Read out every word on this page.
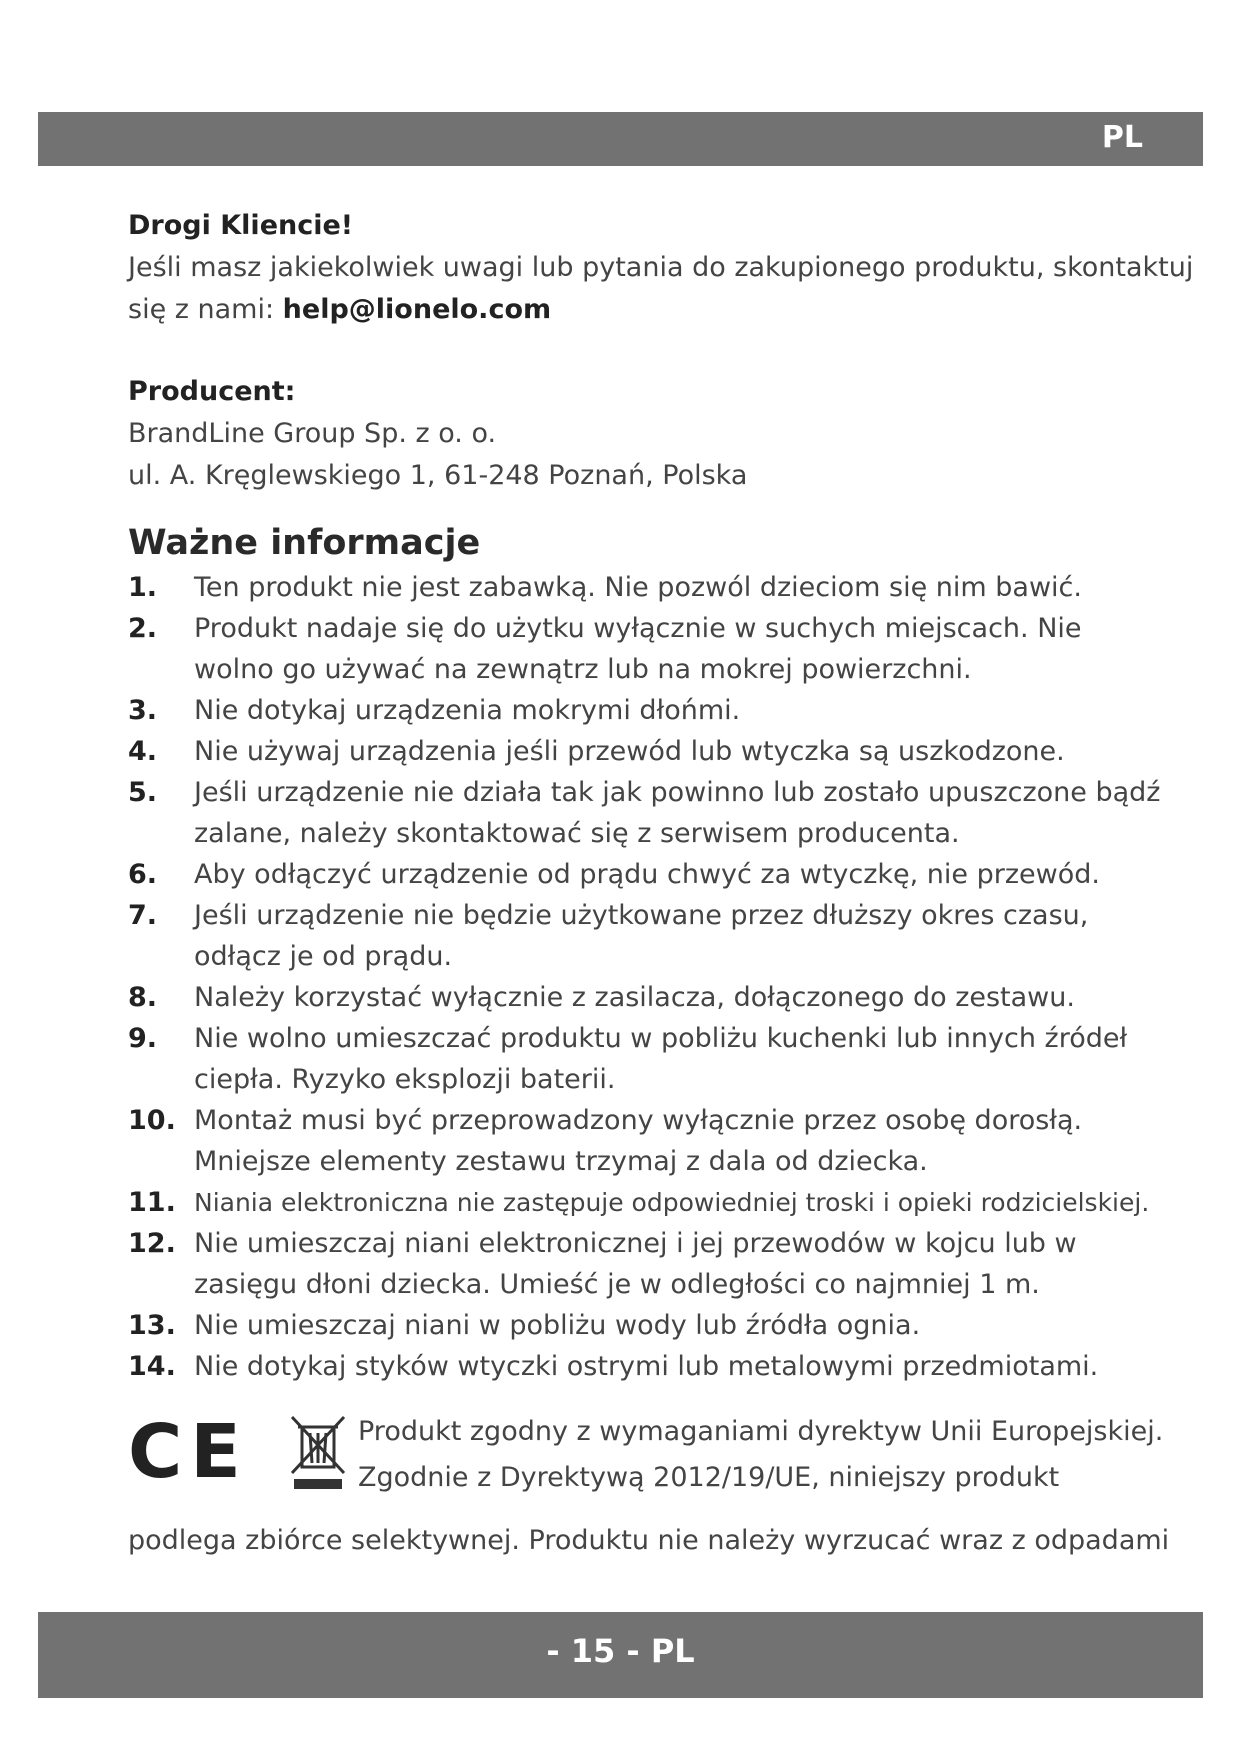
PL
Drogi Kliencie!
Jeśli masz jakiekolwiek uwagi lub pytania do zakupionego produktu, skontaktuj
się z nami: help@lionelo.com
Producent:
BrandLine Group Sp. z o. o.
ul. A. Kręglewskiego 1, 61-248 Poznań, Polska
Ważne informacje
1. Ten produkt nie jest zabawką. Nie pozwól dzieciom się nim bawić.
2. Produkt nadaje się do użytku wyłącznie w suchych miejscach. Nie wolno go używać na zewnątrz lub na mokrej powierzchni.
3. Nie dotykaj urządzenia mokrymi dłońmi.
4. Nie używaj urządzenia jeśli przewód lub wtyczka są uszkodzone.
5. Jeśli urządzenie nie działa tak jak powinno lub zostało upuszczone bądź zalane, należy skontaktować się z serwisem producenta.
6. Aby odłączyć urządzenie od prądu chwyć za wtyczkę, nie przewód.
7. Jeśli urządzenie nie będzie użytkowane przez dłuższy okres czasu, odłącz je od prądu.
8. Należy korzystać wyłącznie z zasilacza, dołączonego do zestawu.
9. Nie wolno umieszczać produktu w pobliżu kuchenki lub innych źródeł ciepła. Ryzyko eksplozji baterii.
10. Montaż musi być przeprowadzony wyłącznie przez osobę dorosłą. Mniejsze elementy zestawu trzymaj z dala od dziecka.
11. Niania elektroniczna nie zastępuje odpowiedniej troski i opieki rodzicielskiej.
12. Nie umieszczaj niani elektronicznej i jej przewodów w kojcu lub w zasięgu dłoni dziecka. Umieść je w odległości co najmniej 1 m.
13. Nie umieszczaj niani w pobliżu wody lub źródła ognia.
14. Nie dotykaj styków wtyczki ostrymi lub metalowymi przedmiotami.
CE	Produkt zgodny z wymaganiami dyrektyw Unii Europejskiej.
Zgodnie z Dyrektywą 2012/19/UE, niniejszy produkt
podlega zbiórce selektywnej. Produktu nie należy wyrzucać wraz z odpadami
- 15 - PL
